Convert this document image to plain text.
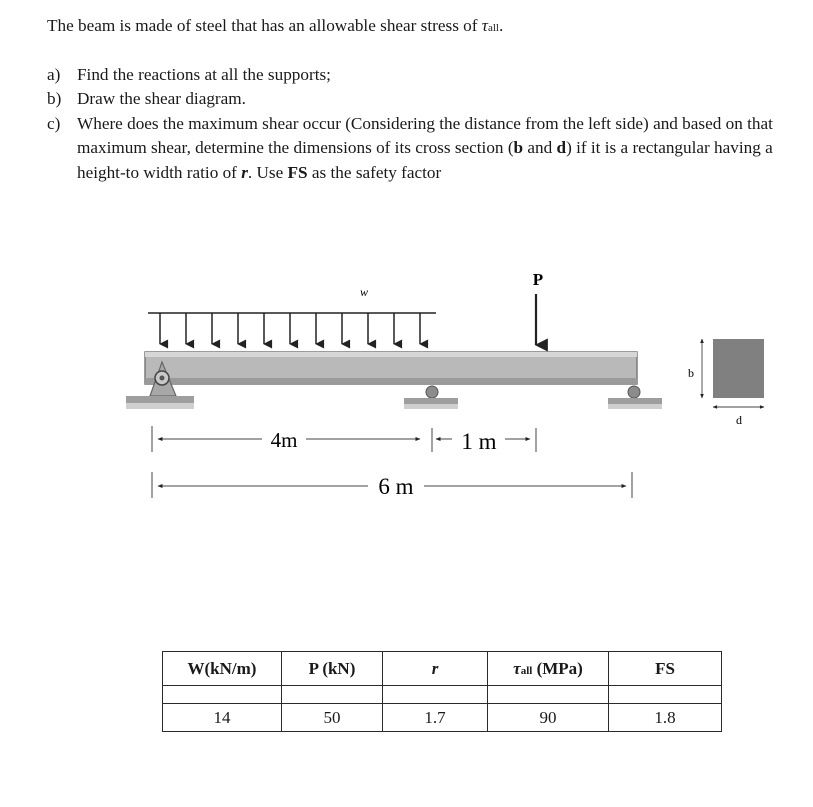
The beam is made of steel that has an allowable shear stress of τall.

a) Find the reactions at all the supports;
b) Draw the shear diagram.
c) Where does the maximum shear occur (Considering the distance from the left side) and based on that maximum shear, determine the dimensions of its cross section (b and d) if it is a rectangular having a height-to width ratio of r. Use FS as the safety factor
w
P
4m	1 m
6 m
b
d
W(kN/m)	P (kN)	r	τall (MPa)	FS

14	50	1.7	90	1.8
